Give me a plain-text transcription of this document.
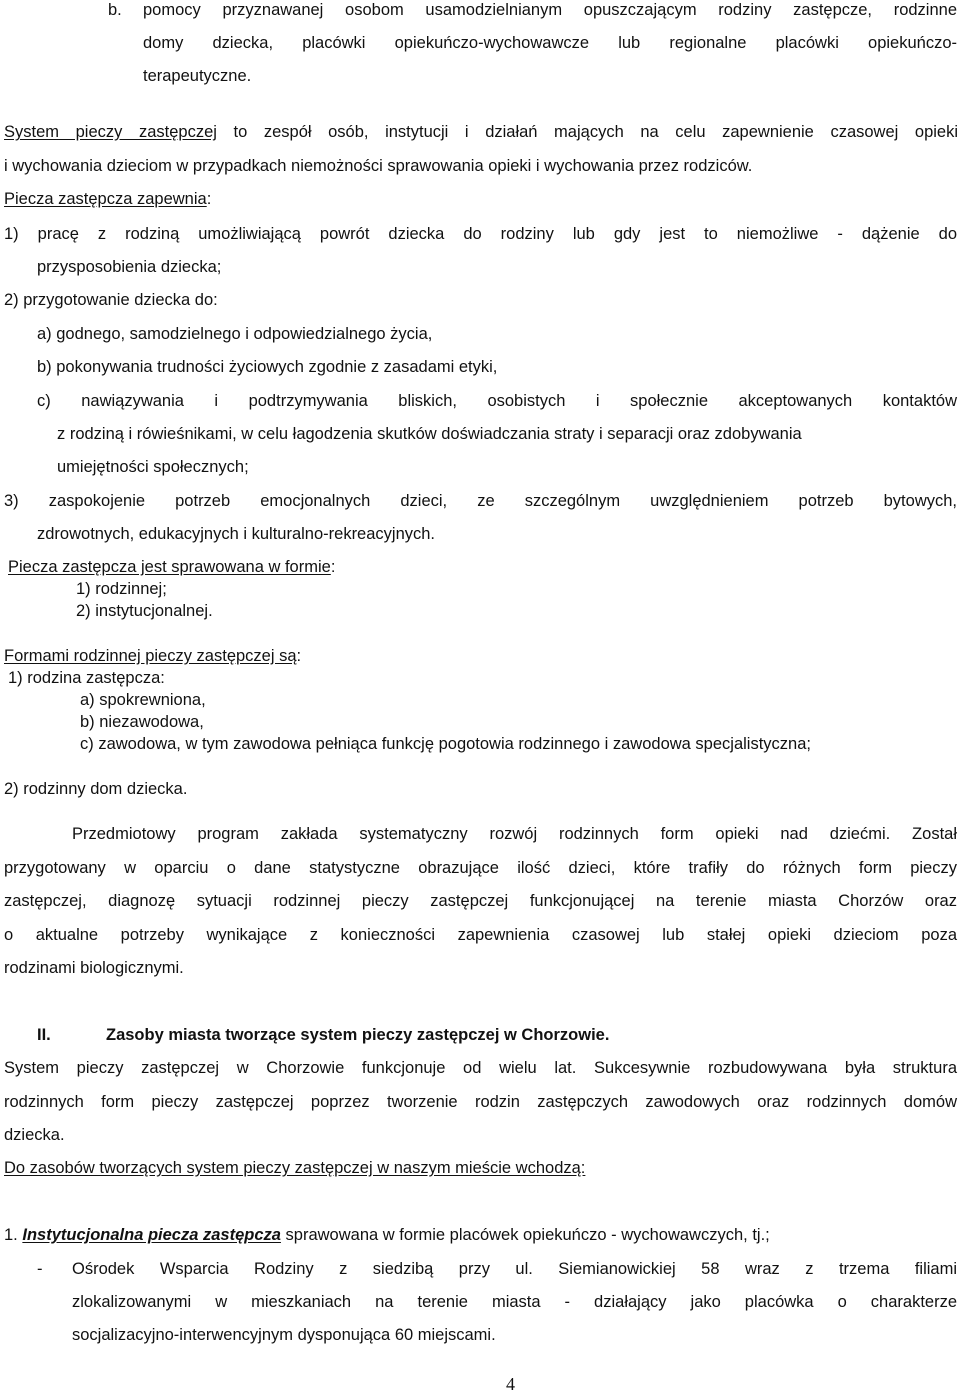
b. pomocy przyznawanej osobom usamodzielnianym opuszczającym rodziny zastępcze, rodzinne
domy dziecka, placówki opiekuńczo-wychowawcze lub regionalne placówki opiekuńczo-
terapeutyczne.
System pieczy zastępczej to zespół osób, instytucji i działań mających na celu zapewnienie czasowej opieki
i wychowania dzieciom w przypadkach niemożności sprawowania opieki i wychowania przez rodziców.
Piecza zastępcza zapewnia:
1) pracę z rodziną umożliwiającą powrót dziecka do rodziny lub gdy jest to niemożliwe - dążenie do
przysposobienia dziecka;
2) przygotowanie dziecka do:
a) godnego, samodzielnego i odpowiedzialnego życia,
b) pokonywania trudności życiowych zgodnie z zasadami etyki,
c) nawiązywania i podtrzymywania bliskich, osobistych i społecznie akceptowanych kontaktów
z rodziną i rówieśnikami, w celu łagodzenia skutków doświadczania straty i separacji oraz zdobywania
umiejętności społecznych;
3) zaspokojenie potrzeb emocjonalnych dzieci, ze szczególnym uwzględnieniem potrzeb bytowych,
zdrowotnych, edukacyjnych i kulturalno-rekreacyjnych.
Piecza zastępcza jest sprawowana w formie:
1) rodzinnej;
2) instytucjonalnej.
Formami rodzinnej pieczy zastępczej są:
1) rodzina zastępcza:
a) spokrewniona,
b) niezawodowa,
c) zawodowa, w tym zawodowa pełniąca funkcję pogotowia rodzinnego i zawodowa specjalistyczna;
2) rodzinny dom dziecka.
Przedmiotowy program zakłada systematyczny rozwój rodzinnych form opieki nad dziećmi. Został
przygotowany w oparciu o dane statystyczne obrazujące ilość dzieci, które trafiły do różnych form pieczy
zastępczej, diagnozę sytuacji rodzinnej pieczy zastępczej funkcjonującej na terenie miasta Chorzów oraz
o aktualne potrzeby wynikające z konieczności zapewnienia czasowej lub stałej opieki dzieciom poza
rodzinami biologicznymi.
II.	Zasoby miasta tworzące system pieczy zastępczej w Chorzowie.
System pieczy zastępczej w Chorzowie funkcjonuje od wielu lat. Sukcesywnie rozbudowywana była struktura
rodzinnych form pieczy zastępczej poprzez tworzenie rodzin zastępczych zawodowych oraz rodzinnych domów
dziecka.
Do zasobów tworzących system pieczy zastępczej w naszym mieście wchodzą:
1. Instytucjonalna piecza zastępcza sprawowana w formie placówek opiekuńczo - wychowawczych, tj.;
- Ośrodek Wsparcia Rodziny z siedzibą przy ul. Siemianowickiej 58 wraz z trzema filiami
zlokalizowanymi w mieszkaniach na terenie miasta - działający jako placówka o charakterze
socjalizacyjno-interwencyjnym dysponująca 60 miejscami.
4
